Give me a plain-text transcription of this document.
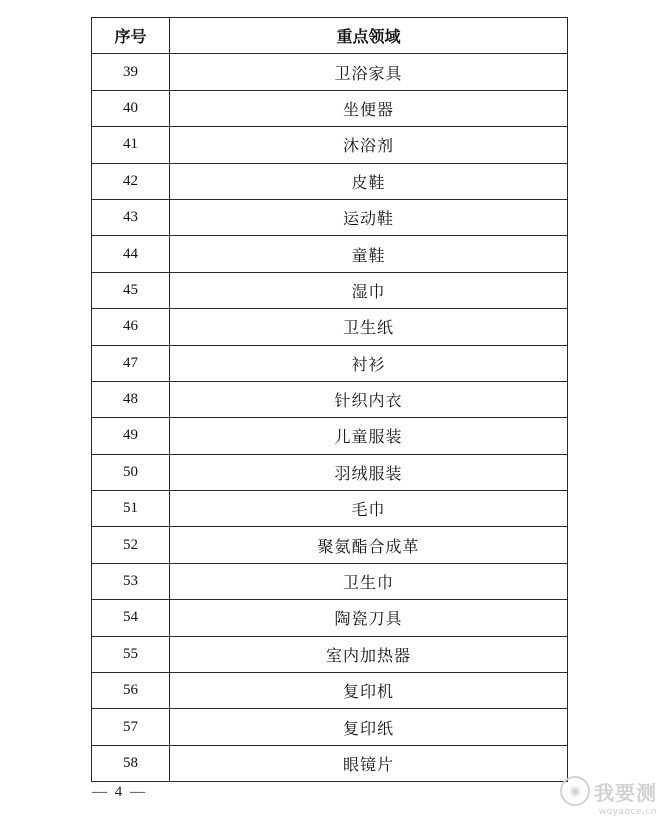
序号	重点领域
39	卫浴家具
40	坐便器
41	沐浴剂
42	皮鞋
43	运动鞋
44	童鞋
45	湿巾
46	卫生纸
47	衬衫
48	针织内衣
49	儿童服装
50	羽绒服装
51	毛巾
52	聚氨酯合成革
53	卫生巾
54	陶瓷刀具
55	室内加热器
56	复印机
57	复印纸
58	眼镜片
— 4 —	◉ 我要测
woyaoce.cn
